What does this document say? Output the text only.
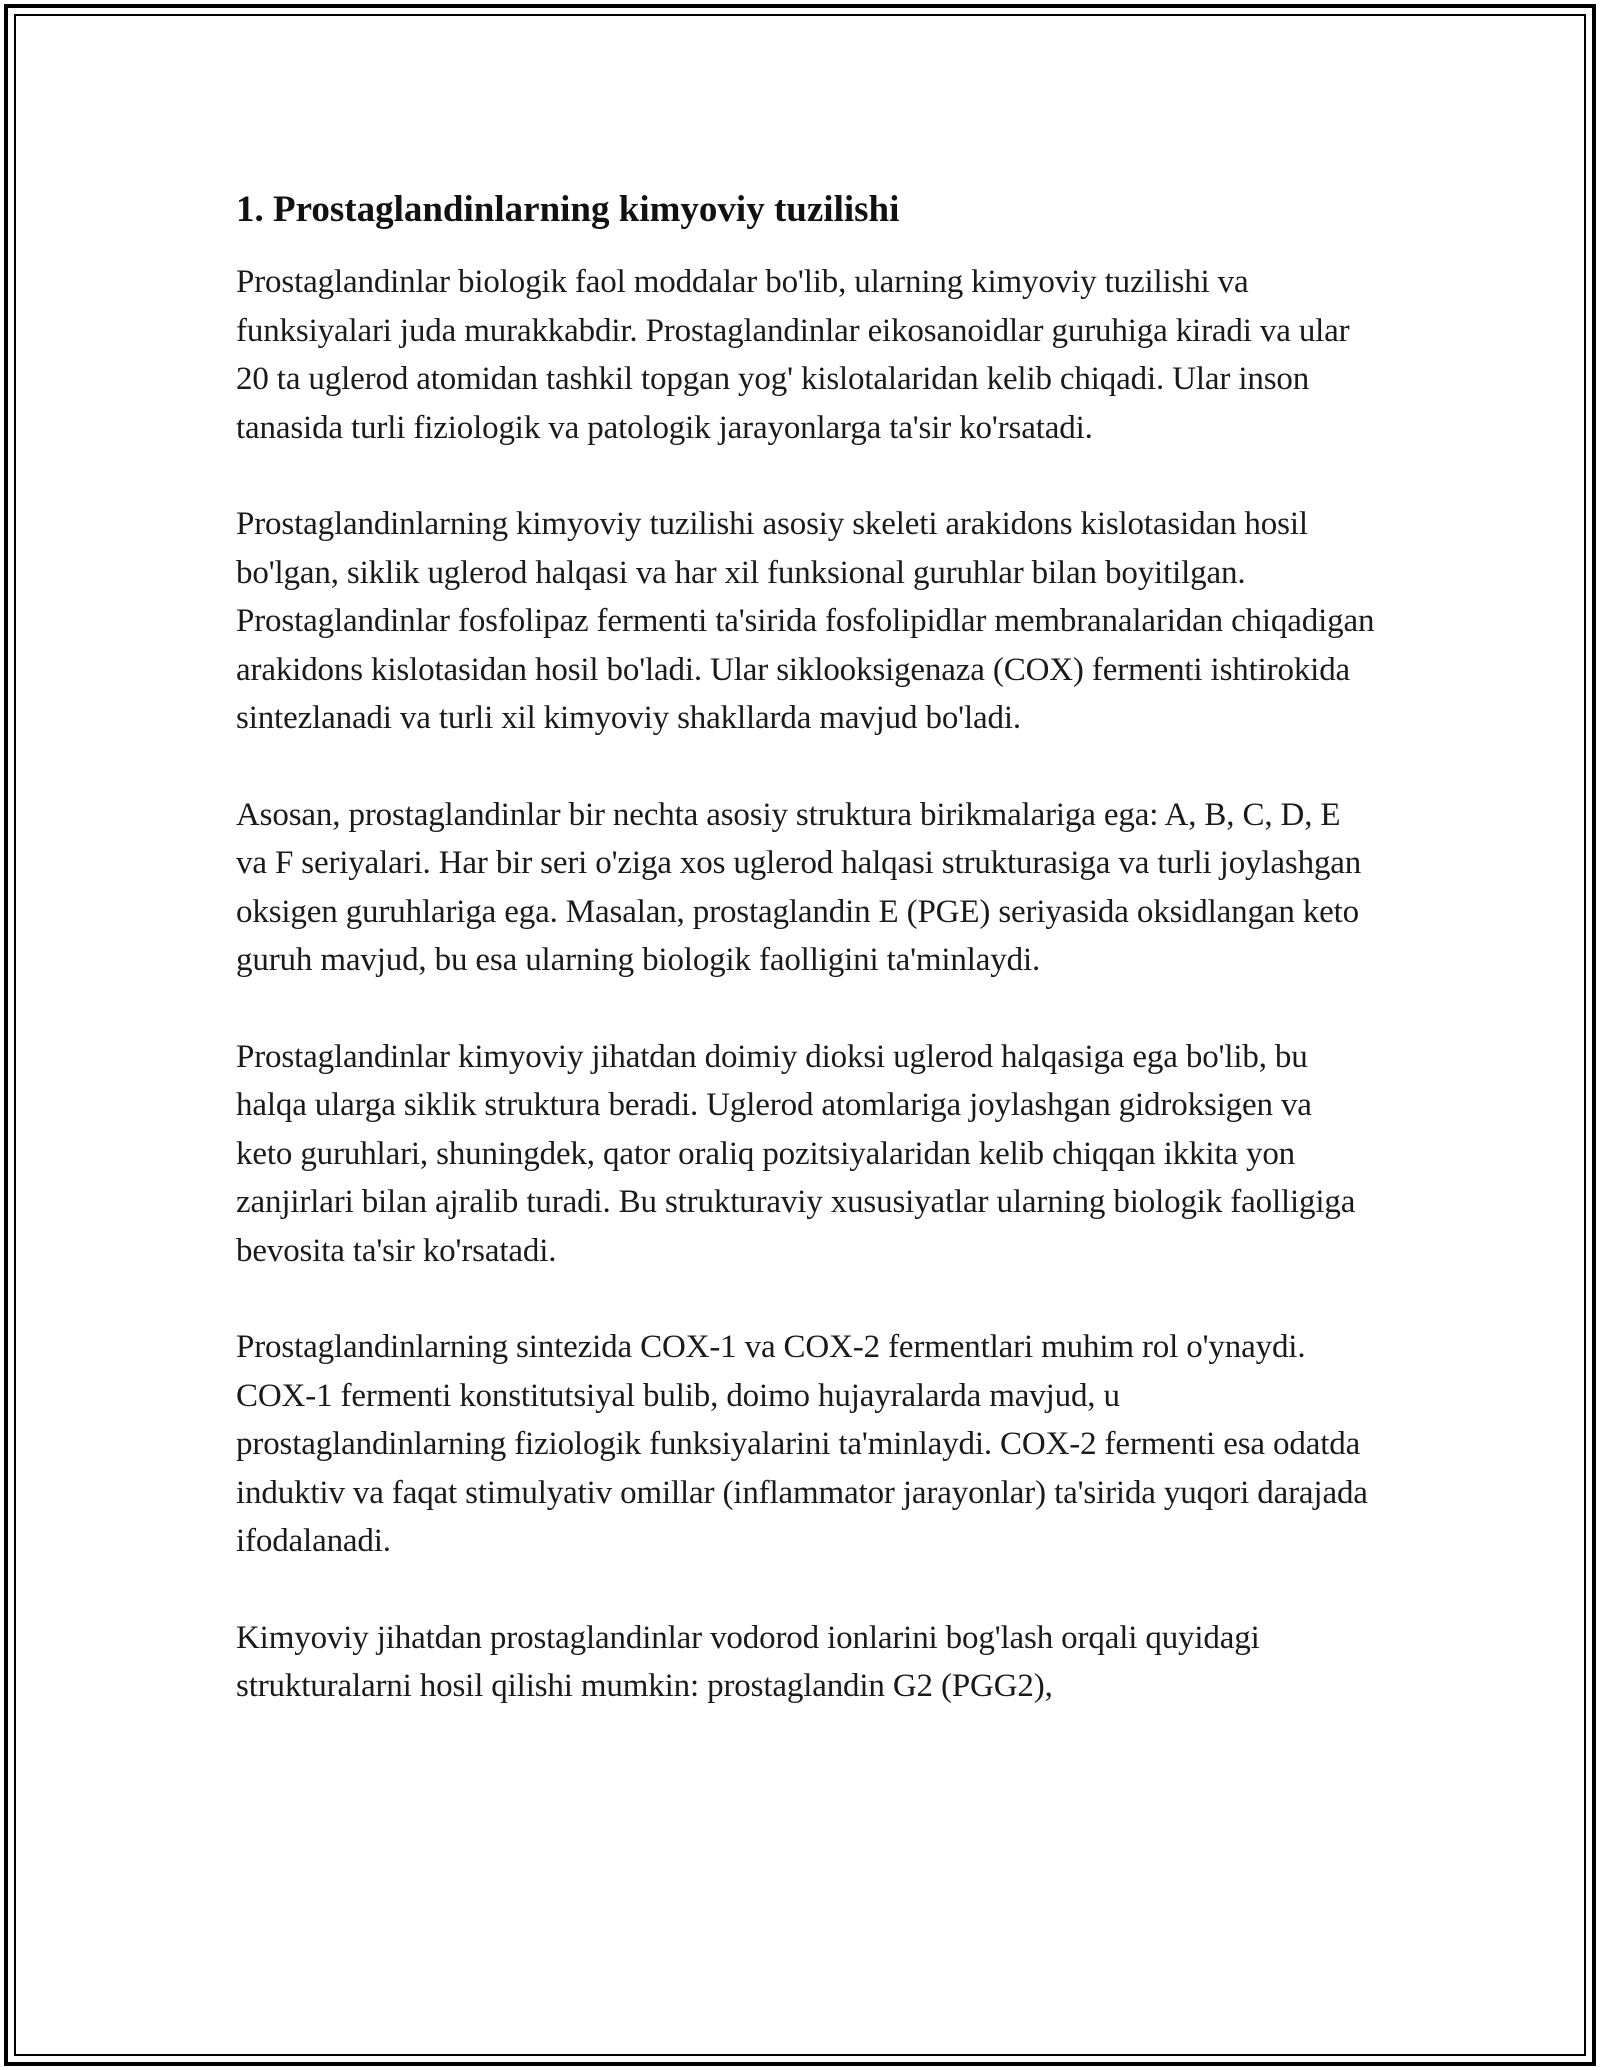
1. Prostaglandinlarning kimyoviy tuzilishi

Prostaglandinlar biologik faol moddalar bo'lib, ularning kimyoviy tuzilishi va funksiyalari juda murakkabdir. Prostaglandinlar eikosanoidlar guruhiga kiradi va ular 20 ta uglerod atomidan tashkil topgan yog' kislotalaridan kelib chiqadi. Ular inson tanasida turli fiziologik va patologik jarayonlarga ta'sir ko'rsatadi.

Prostaglandinlarning kimyoviy tuzilishi asosiy skeleti arakidons kislotasidan hosil bo'lgan, siklik uglerod halqasi va har xil funksional guruhlar bilan boyitilgan. Prostaglandinlar fosfolipaz fermenti ta'sirida fosfolipidlar membranalaridan chiqadigan arakidons kislotasidan hosil bo'ladi. Ular siklooksigenaza (COX) fermenti ishtirokida sintezlanadi va turli xil kimyoviy shakllarda mavjud bo'ladi.

Asosan, prostaglandinlar bir nechta asosiy struktura birikmalariga ega: A, B, C, D, E va F seriyalari. Har bir seri o'ziga xos uglerod halqasi strukturasiga va turli joylashgan oksigen guruhlariga ega. Masalan, prostaglandin E (PGE) seriyasida oksidlangan keto guruh mavjud, bu esa ularning biologik faolligini ta'minlaydi.

Prostaglandinlar kimyoviy jihatdan doimiy dioksi uglerod halqasiga ega bo'lib, bu halqa ularga siklik struktura beradi. Uglerod atomlariga joylashgan gidroksigen va keto guruhlari, shuningdek, qator oraliq pozitsiyalaridan kelib chiqqan ikkita yon zanjirlari bilan ajralib turadi. Bu strukturaviy xususiyatlar ularning biologik faolligiga bevosita ta'sir ko'rsatadi.

Prostaglandinlarning sintezida COX-1 va COX-2 fermentlari muhim rol o'ynaydi. COX-1 fermenti konstitutsiyal bulib, doimo hujayralarda mavjud, u prostaglandinlarning fiziologik funksiyalarini ta'minlaydi. COX-2 fermenti esa odatda induktiv va faqat stimulyativ omillar (inflammator jarayonlar) ta'sirida yuqori darajada ifodalanadi.

Kimyoviy jihatdan prostaglandinlar vodorod ionlarini bog'lash orqali quyidagi strukturalarni hosil qilishi mumkin: prostaglandin G2 (PGG2),
